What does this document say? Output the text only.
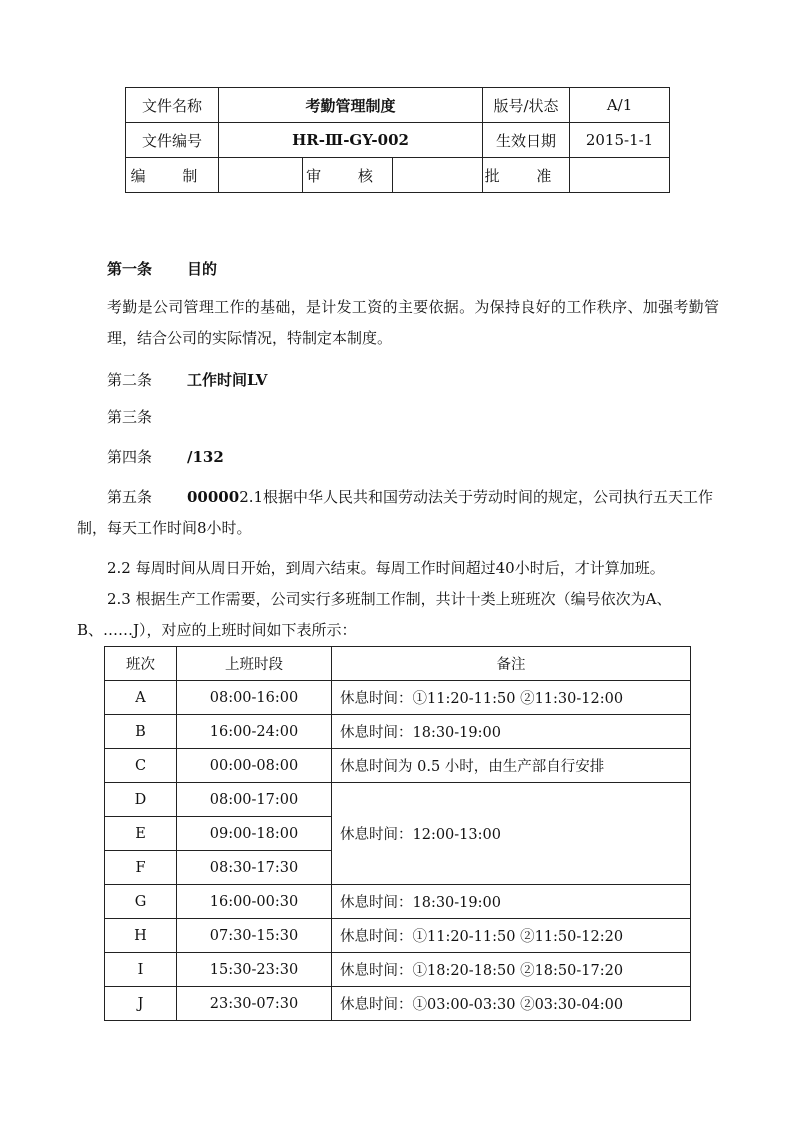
文件名称	考勤管理制度			版号/状态	A/1
文件编号	HR-Ⅲ-GY-002			生效日期	2015-1-1
编 制		审 核		批 准	
第一条 目的
考勤是公司管理工作的基础，是计发工资的主要依据。为保持良好的工作秩序、加强考勤管理，结合公司的实际情况，特制定本制度。
第二条 工作时间LV
第三条
第四条 /132
第五条 000002.1根据中华人民共和国劳动法关于劳动时间的规定，公司执行五天工作制，每天工作时间8小时。
2.2 每周时间从周日开始，到周六结束。每周工作时间超过40小时后，才计算加班。
2.3 根据生产工作需要，公司实行多班制工作制，共计十类上班班次（编号依次为A、B、……J），对应的上班时间如下表所示：
班次	上班时段	备注
A	08:00-16:00	休息时间：①11:20-11:50 ②11:30-12:00
B	16:00-24:00	休息时间：18:30-19:00
C	00:00-08:00	休息时间为 0.5 小时，由生产部自行安排
D	08:00-17:00	休息时间：12:00-13:00
E	09:00-18:00	
F	08:30-17:30	
G	16:00-00:30	休息时间：18:30-19:00
H	07:30-15:30	休息时间：①11:20-11:50 ②11:50-12:20
I	15:30-23:30	休息时间：①18:20-18:50 ②18:50-17:20
J	23:30-07:30	休息时间：①03:00-03:30 ②03:30-04:00
